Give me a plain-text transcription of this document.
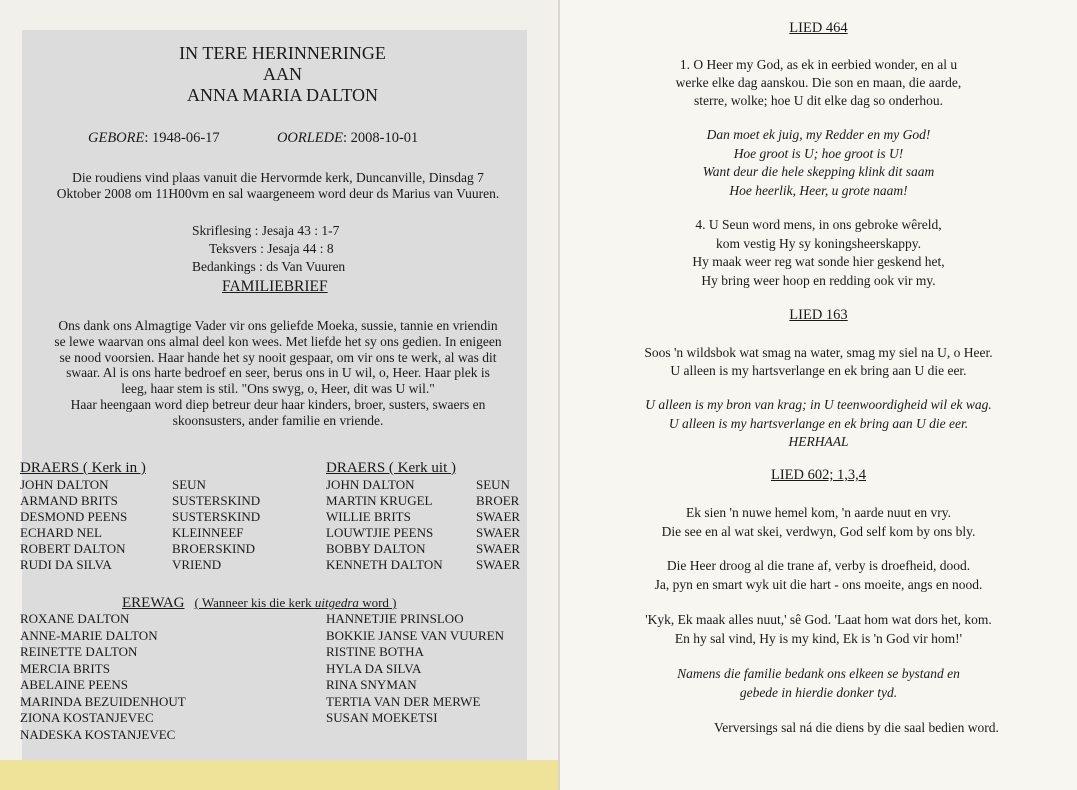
IN TERE HERINNERINGE
AAN
ANNA MARIA DALTON
GEBORE: 1948-06-17	OORLEDE: 2008-10-01
Die roudiens vind plaas vanuit die Hervormde kerk, Duncanville, Dinsdag 7
Oktober 2008 om 11H00vm en sal waargeneem word deur ds Marius van Vuuren.
Skriflesing : Jesaja 43 : 1-7
Teksvers : Jesaja 44 : 8
Bedankings : ds Van Vuuren
FAMILIEBRIEF
Ons dank ons Almagtige Vader vir ons geliefde Moeka, sussie, tannie en vriendin
se lewe waarvan ons almal deel kon wees. Met liefde het sy ons gedien. In enigeen
se nood voorsien. Haar hande het sy nooit gespaar, om vir ons te werk, al was dit
swaar. Al is ons harte bedroef en seer, berus ons in U wil, o, Heer. Haar plek is
leeg, haar stem is stil. "Ons swyg, o, Heer, dit was U wil."
Haar heengaan word diep betreur deur haar kinders, broer, susters, swaers en
skoonsusters, ander familie en vriende.
DRAERS ( Kerk in )
JOHN DALTON	SEUN
ARMAND BRITS	SUSTERSKIND
DESMOND PEENS	SUSTERSKIND
ECHARD NEL	KLEINNEEF
ROBERT DALTON	BROERSKIND
RUDI DA SILVA	VRIEND
DRAERS ( Kerk uit )
JOHN DALTON	SEUN
MARTIN KRUGEL	BROER
WILLIE BRITS	SWAER
LOUWTJIE PEENS	SWAER
BOBBY DALTON	SWAER
KENNETH DALTON	SWAER
EREWAG ( Wanneer kis die kerk uitgedra word )
ROXANE DALTON
ANNE-MARIE DALTON
REINETTE DALTON
MERCIA BRITS
ABELAINE PEENS
MARINDA BEZUIDENHOUT
ZIONA KOSTANJEVEC
NADESKA KOSTANJEVEC
HANNETJIE PRINSLOO
BOKKIE JANSE VAN VUUREN
RISTINE BOTHA
HYLA DA SILVA
RINA SNYMAN
TERTIA VAN DER MERWE
SUSAN MOEKETSI
LIED 464
1. O Heer my God, as ek in eerbied wonder, en al u
werke elke dag aanskou. Die son en maan, die aarde,
sterre, wolke; hoe U dit elke dag so onderhou.
Dan moet ek juig, my Redder en my God!
Hoe groot is U; hoe groot is U!
Want deur die hele skepping klink dit saam
Hoe heerlik, Heer, u grote naam!
4. U Seun word mens, in ons gebroke wêreld,
kom vestig Hy sy koningsheerskappy.
Hy maak weer reg wat sonde hier geskend het,
Hy bring weer hoop en redding ook vir my.
LIED 163
Soos 'n wildsbok wat smag na water, smag my siel na U, o Heer.
U alleen is my hartsverlange en ek bring aan U die eer.
U alleen is my bron van krag; in U teenwoordigheid wil ek wag.
U alleen is my hartsverlange en ek bring aan U die eer.
HERHAAL
LIED 602; 1,3,4
Ek sien 'n nuwe hemel kom, 'n aarde nuut en vry.
Die see en al wat skei, verdwyn, God self kom by ons bly.
Die Heer droog al die trane af, verby is droefheid, dood.
Ja, pyn en smart wyk uit die hart - ons moeite, angs en nood.
'Kyk, Ek maak alles nuut,' sê God. 'Laat hom wat dors het, kom.
En hy sal vind, Hy is my kind, Ek is 'n God vir hom!'
Namens die familie bedank ons elkeen se bystand en
gebede in hierdie donker tyd.
Verversings sal ná die diens by die saal bedien word.
